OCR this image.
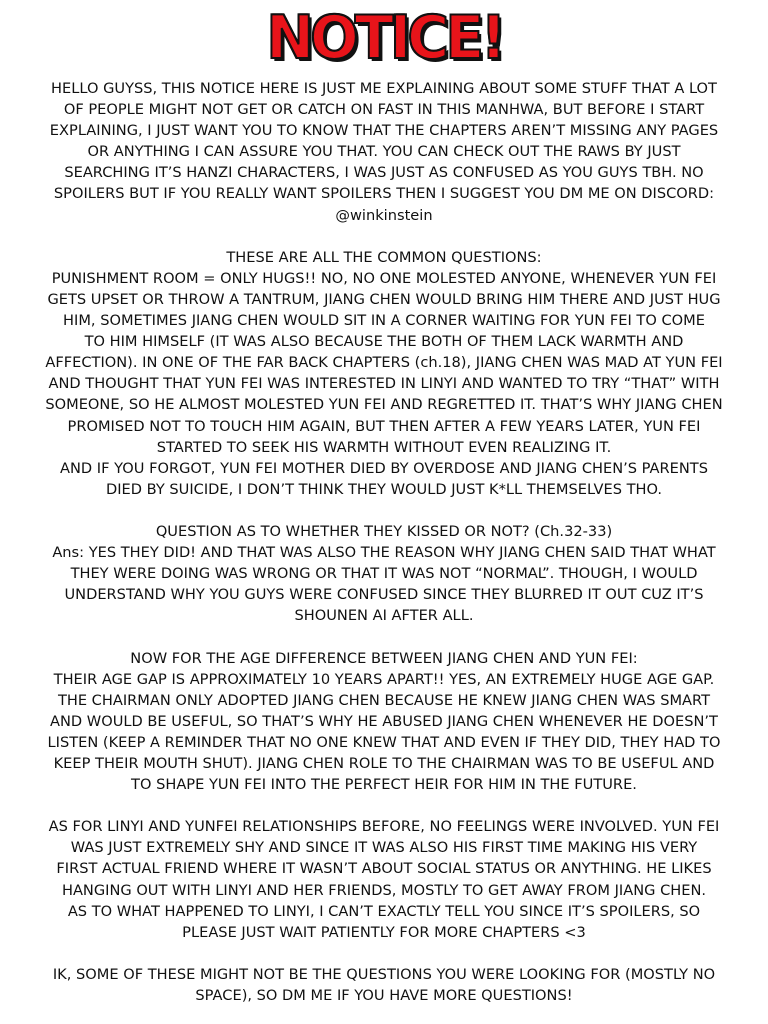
NOTICE!
HELLO GUYSS, THIS NOTICE HERE IS JUST ME EXPLAINING ABOUT SOME STUFF THAT A LOT
OF PEOPLE MIGHT NOT GET OR CATCH ON FAST IN THIS MANHWA, BUT BEFORE I START
EXPLAINING, I JUST WANT YOU TO KNOW THAT THE CHAPTERS AREN’T MISSING ANY PAGES
OR ANYTHING I CAN ASSURE YOU THAT. YOU CAN CHECK OUT THE RAWS BY JUST
SEARCHING IT’S HANZI CHARACTERS, I WAS JUST AS CONFUSED AS YOU GUYS TBH. NO
SPOILERS BUT IF YOU REALLY WANT SPOILERS THEN I SUGGEST YOU DM ME ON DISCORD:
@winkinstein
THESE ARE ALL THE COMMON QUESTIONS:
PUNISHMENT ROOM = ONLY HUGS!! NO, NO ONE MOLESTED ANYONE, WHENEVER YUN FEI
GETS UPSET OR THROW A TANTRUM, JIANG CHEN WOULD BRING HIM THERE AND JUST HUG
HIM, SOMETIMES JIANG CHEN WOULD SIT IN A CORNER WAITING FOR YUN FEI TO COME
TO HIM HIMSELF (IT WAS ALSO BECAUSE THE BOTH OF THEM LACK WARMTH AND
AFFECTION). IN ONE OF THE FAR BACK CHAPTERS (ch.18), JIANG CHEN WAS MAD AT YUN FEI
AND THOUGHT THAT YUN FEI WAS INTERESTED IN LINYI AND WANTED TO TRY “THAT” WITH
SOMEONE, SO HE ALMOST MOLESTED YUN FEI AND REGRETTED IT. THAT’S WHY JIANG CHEN
PROMISED NOT TO TOUCH HIM AGAIN, BUT THEN AFTER A FEW YEARS LATER, YUN FEI
STARTED TO SEEK HIS WARMTH WITHOUT EVEN REALIZING IT.
AND IF YOU FORGOT, YUN FEI MOTHER DIED BY OVERDOSE AND JIANG CHEN’S PARENTS
DIED BY SUICIDE, I DON’T THINK THEY WOULD JUST K*LL THEMSELVES THO.
QUESTION AS TO WHETHER THEY KISSED OR NOT? (Ch.32-33)
Ans: YES THEY DID! AND THAT WAS ALSO THE REASON WHY JIANG CHEN SAID THAT WHAT
THEY WERE DOING WAS WRONG OR THAT IT WAS NOT “NORMAL”. THOUGH, I WOULD
UNDERSTAND WHY YOU GUYS WERE CONFUSED SINCE THEY BLURRED IT OUT CUZ IT’S
SHOUNEN AI AFTER ALL.
NOW FOR THE AGE DIFFERENCE BETWEEN JIANG CHEN AND YUN FEI:
THEIR AGE GAP IS APPROXIMATELY 10 YEARS APART!! YES, AN EXTREMELY HUGE AGE GAP.
THE CHAIRMAN ONLY ADOPTED JIANG CHEN BECAUSE HE KNEW JIANG CHEN WAS SMART
AND WOULD BE USEFUL, SO THAT’S WHY HE ABUSED JIANG CHEN WHENEVER HE DOESN’T
LISTEN (KEEP A REMINDER THAT NO ONE KNEW THAT AND EVEN IF THEY DID, THEY HAD TO
KEEP THEIR MOUTH SHUT). JIANG CHEN ROLE TO THE CHAIRMAN WAS TO BE USEFUL AND
TO SHAPE YUN FEI INTO THE PERFECT HEIR FOR HIM IN THE FUTURE.
AS FOR LINYI AND YUNFEI RELATIONSHIPS BEFORE, NO FEELINGS WERE INVOLVED. YUN FEI
WAS JUST EXTREMELY SHY AND SINCE IT WAS ALSO HIS FIRST TIME MAKING HIS VERY
FIRST ACTUAL FRIEND WHERE IT WASN’T ABOUT SOCIAL STATUS OR ANYTHING. HE LIKES
HANGING OUT WITH LINYI AND HER FRIENDS, MOSTLY TO GET AWAY FROM JIANG CHEN.
AS TO WHAT HAPPENED TO LINYI, I CAN’T EXACTLY TELL YOU SINCE IT’S SPOILERS, SO
PLEASE JUST WAIT PATIENTLY FOR MORE CHAPTERS <3
IK, SOME OF THESE MIGHT NOT BE THE QUESTIONS YOU WERE LOOKING FOR (MOSTLY NO
SPACE), SO DM ME IF YOU HAVE MORE QUESTIONS!
